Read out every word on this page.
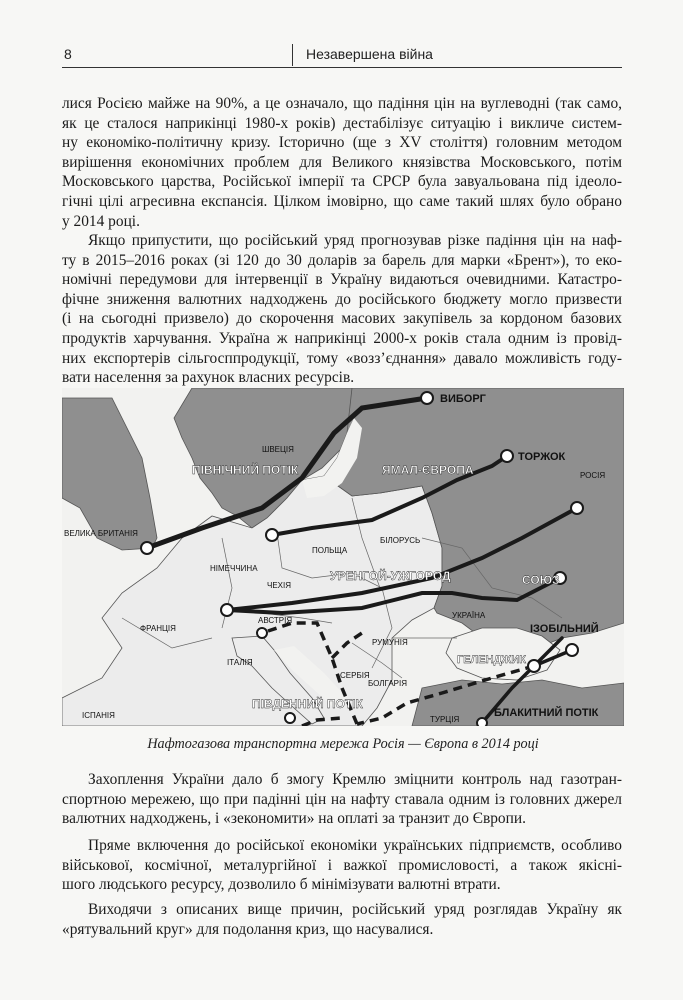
8	Незавершена війна
лися Росією майже на 90%, а це означало, що падіння цін на вуглеводні (так само,
як це сталося наприкінці 1980-х років) дестабілізує ситуацію і викличе систем-
ну економіко-політичну кризу. Історично (ще з XV століття) головним методом
вирішення економічних проблем для Великого князівства Московського, потім
Московського царства, Російської імперії та СРСР була завуальована під ідеоло-
гічні цілі агресивна експансія. Цілком імовірно, що саме такий шлях було обрано
у 2014 році.
Якщо припустити, що російський уряд прогнозував різке падіння цін на наф-
ту в 2015–2016 роках (зі 120 до 30 доларів за барель для марки «Брент»), то еко-
номічні передумови для інтервенції в Україну видаються очевидними. Катастро-
фічне зниження валютних надходжень до російського бюджету могло призвести
(і на сьогодні призвело) до скорочення масових закупівель за кордоном базових
продуктів харчування. Україна ж наприкінці 2000-х років стала одним із провід-
них експортерів сільгосппродукції, тому «возз’єднання» давало можливість году-
вати населення за рахунок власних ресурсів.
ВИБОРГ
ТОРЖОК
ПІВНІЧНИЙ ПОТІК	ЯМАЛ-ЄВРОПА
УРЕНГОЙ-УЖГОРОД	СОЮЗ
ІЗОБІЛЬНИЙ
ГЕЛЕНДЖИК
ПІВДЕННИЙ ПОТІК
БЛАКИТНИЙ ПОТІК
ШВЕЦІЯ
РОСІЯ
ВЕЛИКА БРИТАНІЯ
БІЛОРУСЬ
ПОЛЬЩА
НІМЕЧЧИНА
ЧЕХІЯ
ФРАНЦІЯ
АВСТРІЯ
УКРАЇНА
ІТАЛІЯ
РУМУНІЯ
СЕРБІЯ
БОЛГАРІЯ
ІСПАНІЯ	ТУРЦІЯ
Нафтогазова транспортна мережа Росія — Європа в 2014 році
Захоплення України дало б змогу Кремлю зміцнити контроль над газотран-
спортною мережею, що при падінні цін на нафту ставала одним із головних джерел
валютних надходжень, і «зекономити» на оплаті за транзит до Європи.
Пряме включення до російської економіки українських підприємств, особливо
військової, космічної, металургійної і важкої промисловості, а також якісні-
шого людського ресурсу, дозволило б мінімізувати валютні втрати.
Виходячи з описаних вище причин, російський уряд розглядав Україну як
«рятувальний круг» для подолання криз, що насувалися.
